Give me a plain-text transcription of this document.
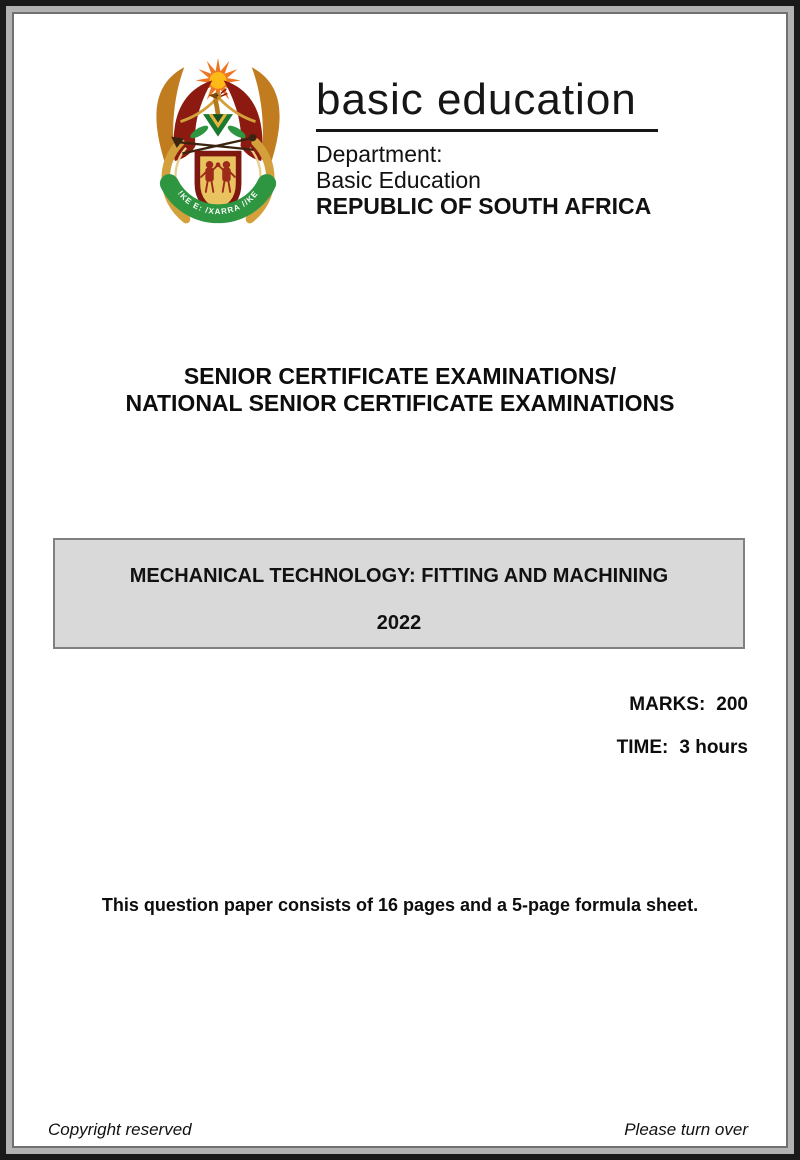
!KE E: /XARRA //KE
basic education
Department:
Basic Education
REPUBLIC OF SOUTH AFRICA
SENIOR CERTIFICATE EXAMINATIONS/
NATIONAL SENIOR CERTIFICATE EXAMINATIONS
MECHANICAL TECHNOLOGY: FITTING AND MACHINING
2022
MARKS: 200
TIME: 3 hours
This question paper consists of 16 pages and a 5-page formula sheet.
Copyright reserved	Please turn over
